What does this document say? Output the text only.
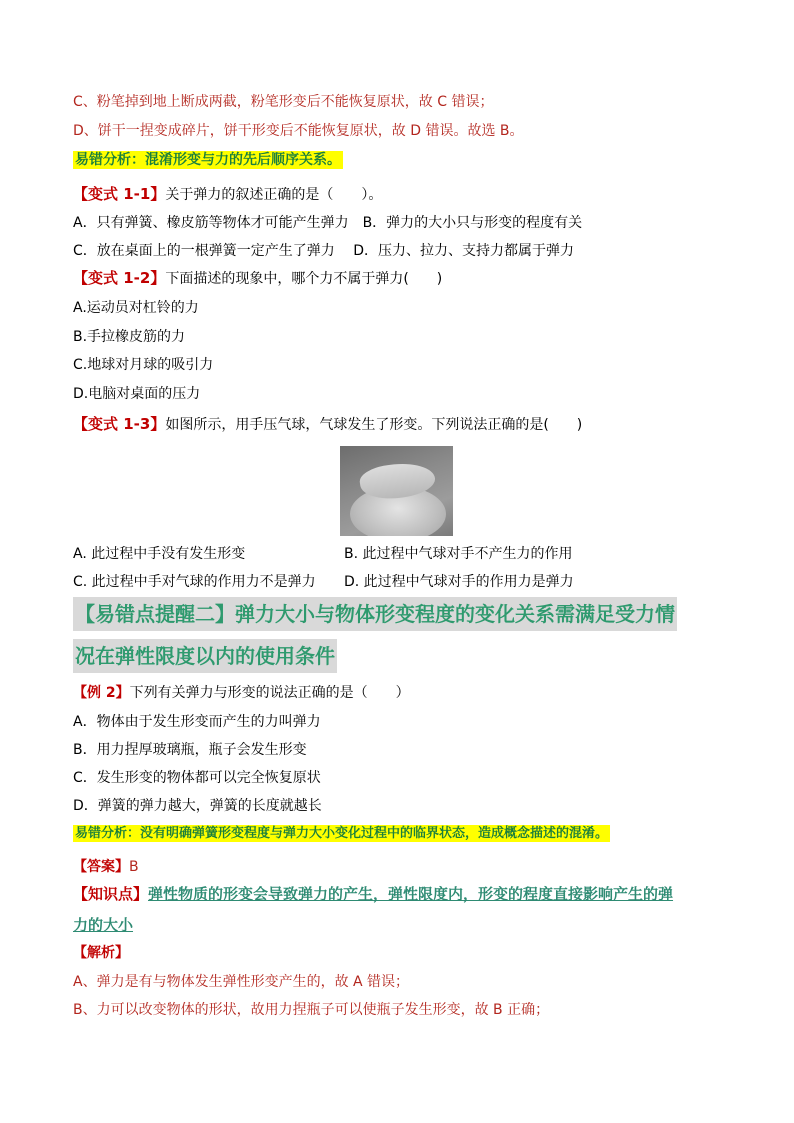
C、粉笔掉到地上断成两截，粉笔形变后不能恢复原状，故 C 错误；
D、饼干一捏变成碎片，饼干形变后不能恢复原状，故 D 错误。故选 B。
易错分析：混淆形变与力的先后顺序关系。
【变式 1-1】关于弹力的叙述正确的是（　　）。
A．只有弹簧、橡皮筋等物体才可能产生弹力　B．弹力的大小只与形变的程度有关
C．放在桌面上的一根弹簧一定产生了弹力　 D．压力、拉力、支持力都属于弹力
【变式 1-2】下面描述的现象中，哪个力不属于弹力(　　)
A.运动员对杠铃的力
B.手拉橡皮筋的力
C.地球对月球的吸引力
D.电脑对桌面的压力
【变式 1-3】如图所示，用手压气球，气球发生了形变。下列说法正确的是(　　)
A. 此过程中手没有发生形变	B. 此过程中气球对手不产生力的作用
C. 此过程中手对气球的作用力不是弹力 D. 此过程中气球对手的作用力是弹力
【易错点提醒二】弹力大小与物体形变程度的变化关系需满足受力情
况在弹性限度以内的使用条件
【例 2】下列有关弹力与形变的说法正确的是（　　）
A．物体由于发生形变而产生的力叫弹力
B．用力捏厚玻璃瓶，瓶子会发生形变
C．发生形变的物体都可以完全恢复原状
D．弹簧的弹力越大，弹簧的长度就越长
易错分析：没有明确弹簧形变程度与弹力大小变化过程中的临界状态，造成概念描述的混淆。
【答案】B
【知识点】弹性物质的形变会导致弹力的产生，弹性限度内，形变的程度直接影响产生的弹
力的大小
【解析】
A、弹力是有与物体发生弹性形变产生的，故 A 错误；
B、力可以改变物体的形状，故用力捏瓶子可以使瓶子发生形变，故 B 正确；
